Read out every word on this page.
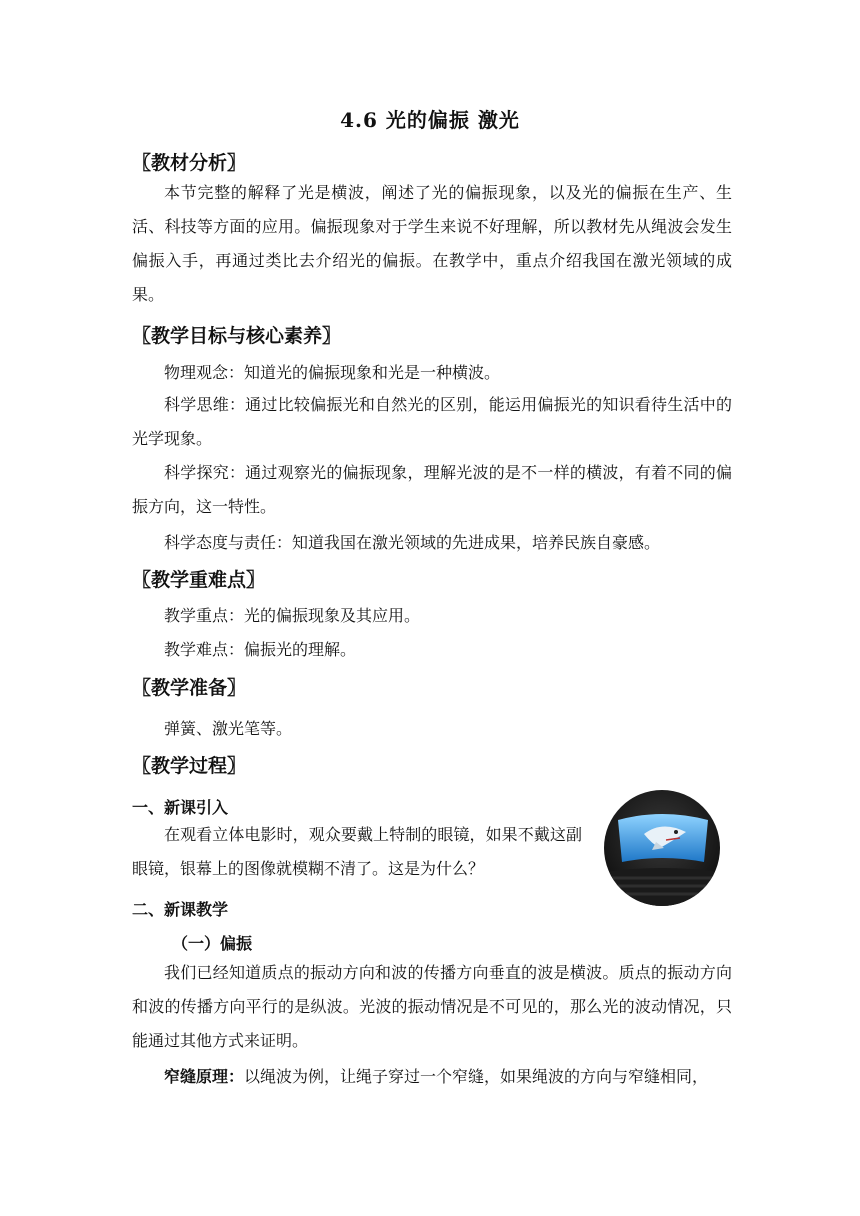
4.6 光的偏振 激光
〖教材分析〗
本节完整的解释了光是横波，阐述了光的偏振现象，以及光的偏振在生产、生活、科技等方面的应用。偏振现象对于学生来说不好理解，所以教材先从绳波会发生偏振入手，再通过类比去介绍光的偏振。在教学中，重点介绍我国在激光领域的成果。
〖教学目标与核心素养〗
物理观念：知道光的偏振现象和光是一种横波。
科学思维：通过比较偏振光和自然光的区别，能运用偏振光的知识看待生活中的光学现象。
科学探究：通过观察光的偏振现象，理解光波的是不一样的横波，有着不同的偏振方向，这一特性。
科学态度与责任：知道我国在激光领域的先进成果，培养民族自豪感。
〖教学重难点〗
教学重点：光的偏振现象及其应用。
教学难点：偏振光的理解。
〖教学准备〗
弹簧、激光笔等。
〖教学过程〗
一、新课引入
在观看立体电影时，观众要戴上特制的眼镜，如果不戴这副眼镜，银幕上的图像就模糊不清了。这是为什么？
二、新课教学
（一）偏振
我们已经知道质点的振动方向和波的传播方向垂直的波是横波。质点的振动方向和波的传播方向平行的是纵波。光波的振动情况是不可见的，那么光的波动情况，只能通过其他方式来证明。
窄缝原理：以绳波为例，让绳子穿过一个窄缝，如果绳波的方向与窄缝相同，
